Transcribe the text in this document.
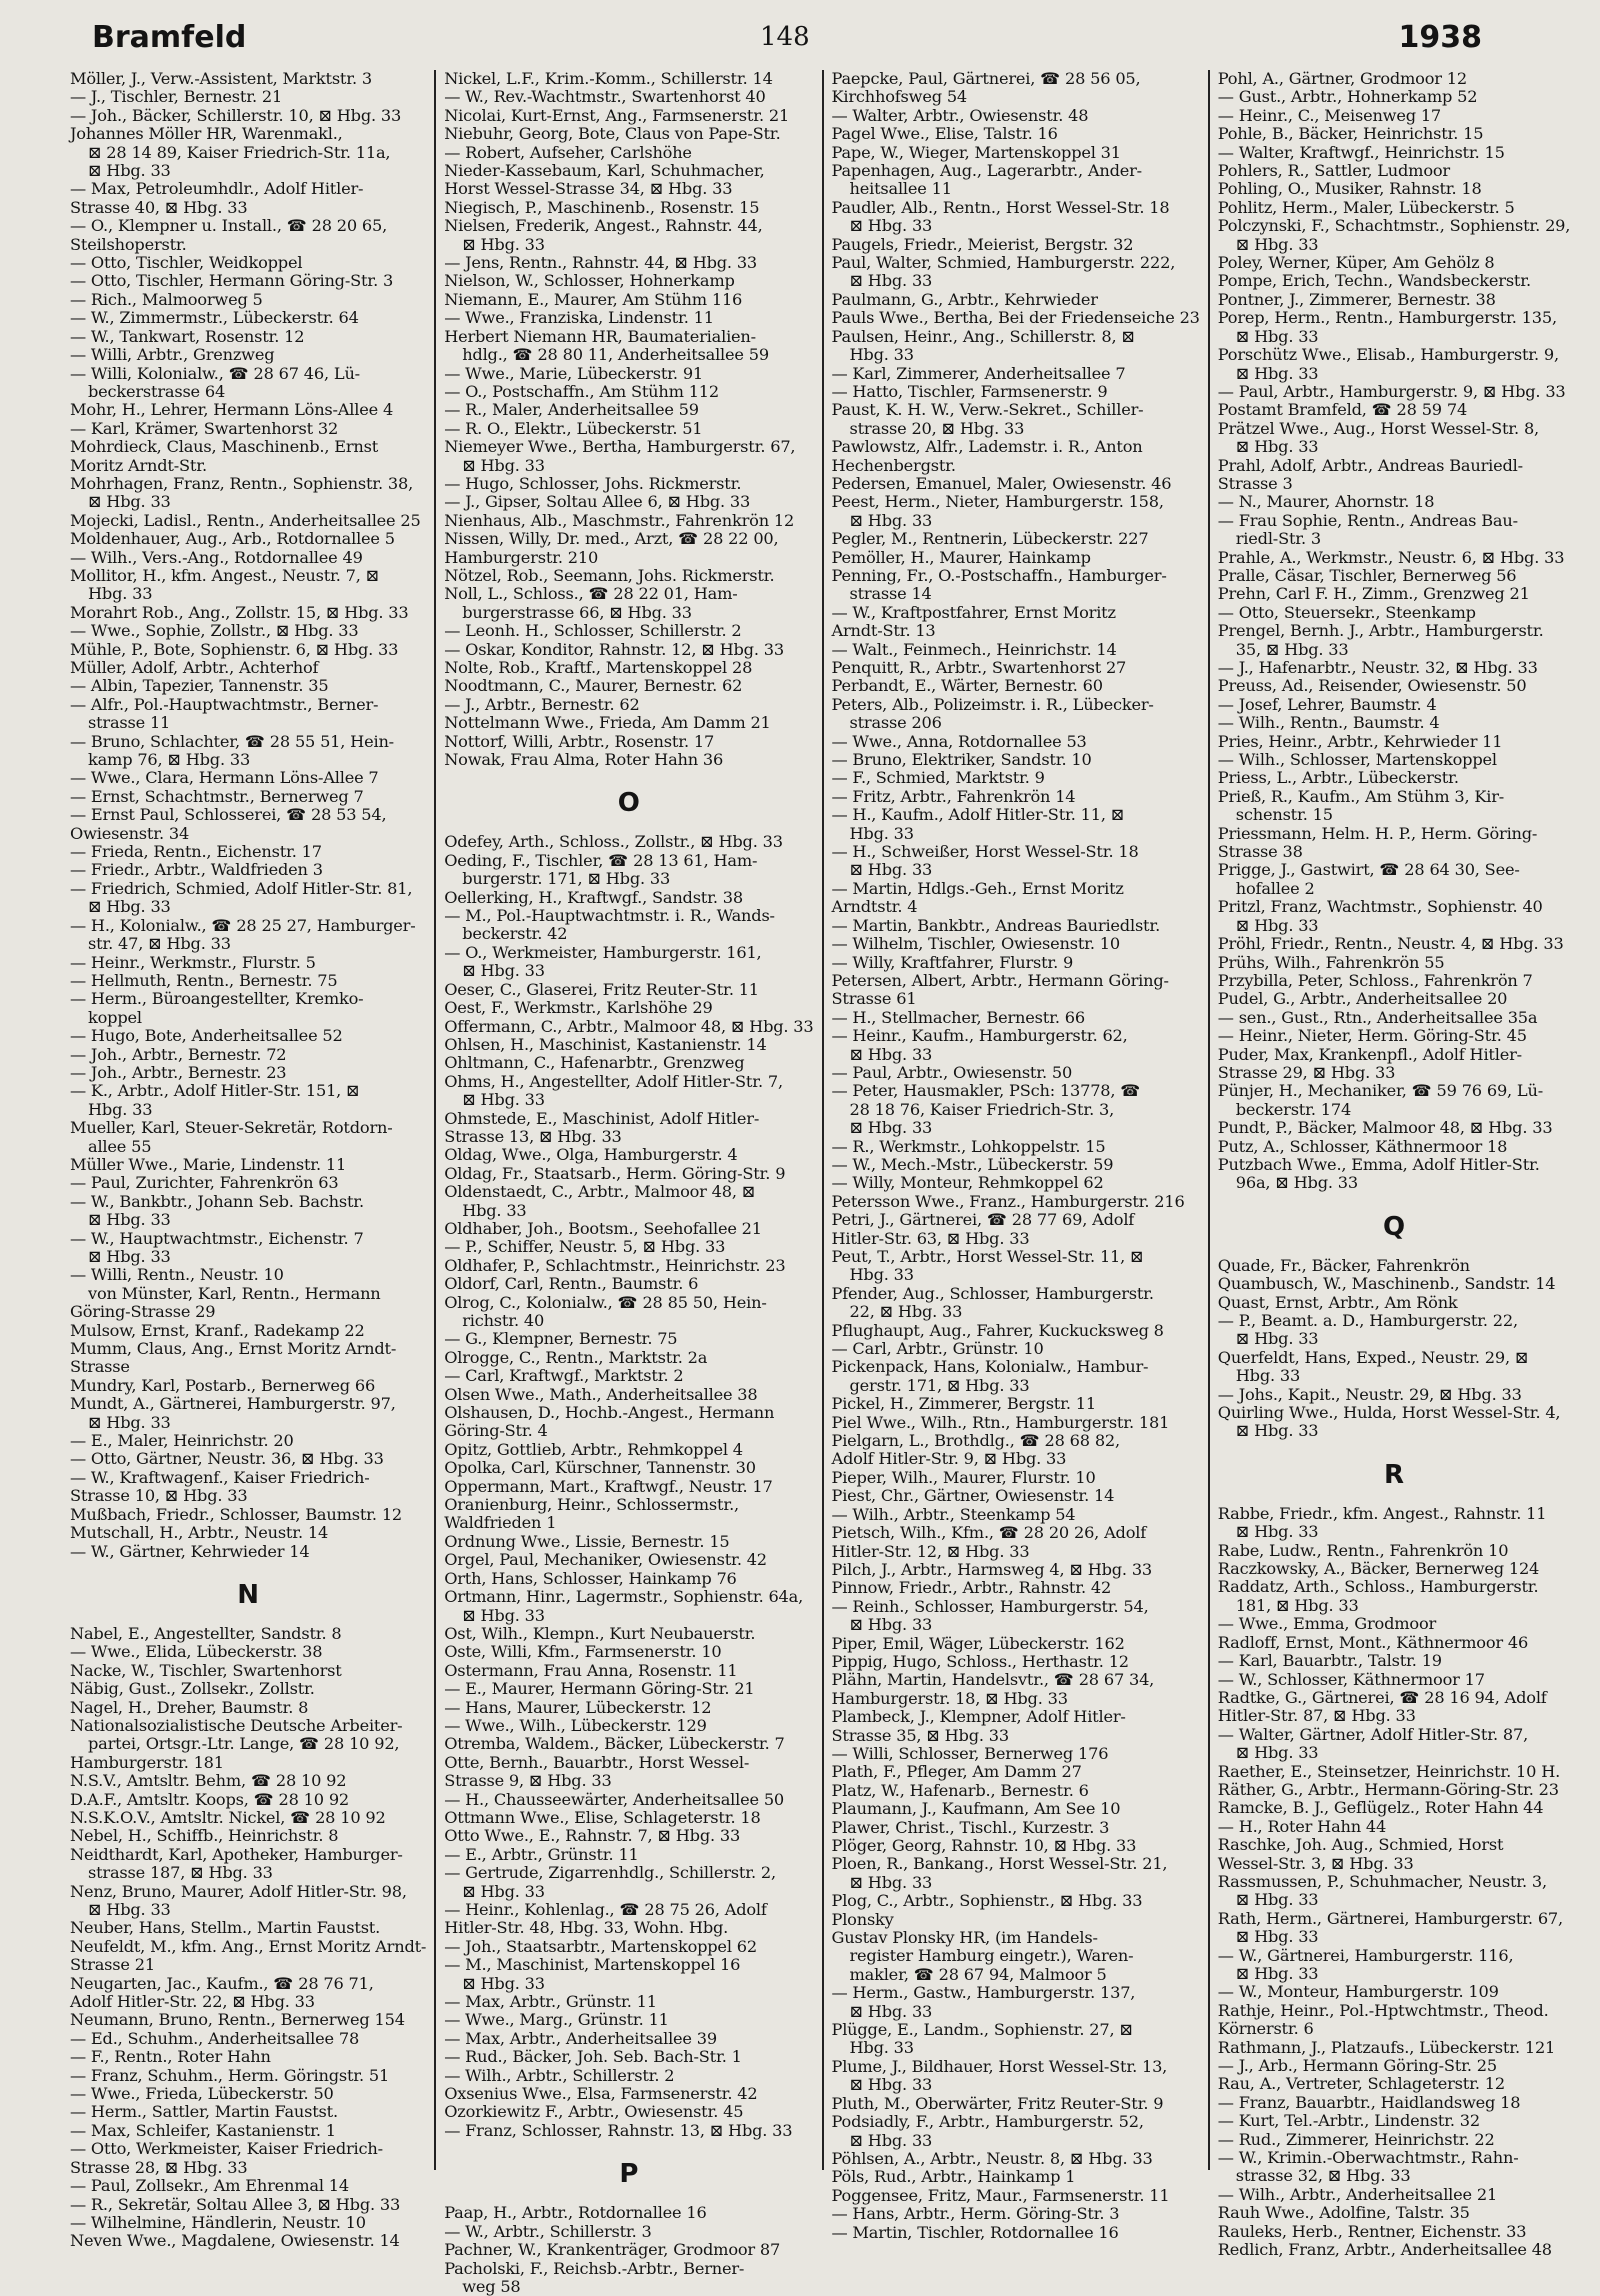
Bramfeld	148	1938
Möller, J., Verw.-Assistent, Marktstr. 3
— J., Tischler, Bernestr. 21
— Joh., Bäcker, Schillerstr. 10, ⊠ Hbg. 33
Johannes Möller HR, Warenmakl.,
⊠ 28 14 89, Kaiser Friedrich-Str. 11a,
⊠ Hbg. 33
— Max, Petroleumhdlr., Adolf Hitler-
Strasse 40, ⊠ Hbg. 33
— O., Klempner u. Install., ☎ 28 20 65,
Steilshoperstr.
— Otto, Tischler, Weidkoppel
— Otto, Tischler, Hermann Göring-Str. 3
— Rich., Malmoorweg 5
— W., Zimmermstr., Lübeckerstr. 64
— W., Tankwart, Rosenstr. 12
— Willi, Arbtr., Grenzweg
— Willi, Kolonialw., ☎ 28 67 46, Lü-
beckerstrasse 64
Mohr, H., Lehrer, Hermann Löns-Allee 4
— Karl, Krämer, Swartenhorst 32
Mohrdieck, Claus, Maschinenb., Ernst
Moritz Arndt-Str.
Mohrhagen, Franz, Rentn., Sophienstr. 38,
⊠ Hbg. 33
Mojecki, Ladisl., Rentn., Anderheitsallee 25
Moldenhauer, Aug., Arb., Rotdornallee 5
— Wilh., Vers.-Ang., Rotdornallee 49
Mollitor, H., kfm. Angest., Neustr. 7, ⊠
Hbg. 33
Morahrt Rob., Ang., Zollstr. 15, ⊠ Hbg. 33
— Wwe., Sophie, Zollstr., ⊠ Hbg. 33
Mühle, P., Bote, Sophienstr. 6, ⊠ Hbg. 33
Müller, Adolf, Arbtr., Achterhof
— Albin, Tapezier, Tannenstr. 35
— Alfr., Pol.-Hauptwachtmstr., Berner-
strasse 11
— Bruno, Schlachter, ☎ 28 55 51, Hein-
kamp 76, ⊠ Hbg. 33
— Wwe., Clara, Hermann Löns-Allee 7
— Ernst, Schachtmstr., Bernerweg 7
— Ernst Paul, Schlosserei, ☎ 28 53 54,
Owiesenstr. 34
— Frieda, Rentn., Eichenstr. 17
— Friedr., Arbtr., Waldfrieden 3
— Friedrich, Schmied, Adolf Hitler-Str. 81,
⊠ Hbg. 33
— H., Kolonialw., ☎ 28 25 27, Hamburger-
str. 47, ⊠ Hbg. 33
— Heinr., Werkmstr., Flurstr. 5
— Hellmuth, Rentn., Bernestr. 75
— Herm., Büroangestellter, Kremko-
koppel
— Hugo, Bote, Anderheitsallee 52
— Joh., Arbtr., Bernestr. 72
— Joh., Arbtr., Bernestr. 23
— K., Arbtr., Adolf Hitler-Str. 151, ⊠
Hbg. 33
Mueller, Karl, Steuer-Sekretär, Rotdorn-
allee 55
Müller Wwe., Marie, Lindenstr. 11
— Paul, Zurichter, Fahrenkrön 63
— W., Bankbtr., Johann Seb. Bachstr.
⊠ Hbg. 33
— W., Hauptwachtmstr., Eichenstr. 7
⊠ Hbg. 33
— Willi, Rentn., Neustr. 10
von Münster, Karl, Rentn., Hermann
Göring-Strasse 29
Mulsow, Ernst, Kranf., Radekamp 22
Mumm, Claus, Ang., Ernst Moritz Arndt-
Strasse
Mundry, Karl, Postarb., Bernerweg 66
Mundt, A., Gärtnerei, Hamburgerstr. 97,
⊠ Hbg. 33
— E., Maler, Heinrichstr. 20
— Otto, Gärtner, Neustr. 36, ⊠ Hbg. 33
— W., Kraftwagenf., Kaiser Friedrich-
Strasse 10, ⊠ Hbg. 33
Mußbach, Friedr., Schlosser, Baumstr. 12
Mutschall, H., Arbtr., Neustr. 14
— W., Gärtner, Kehrwieder 14
N
Nabel, E., Angestellter, Sandstr. 8
— Wwe., Elida, Lübeckerstr. 38
Nacke, W., Tischler, Swartenhorst
Näbig, Gust., Zollsekr., Zollstr.
Nagel, H., Dreher, Baumstr. 8
Nationalsozialistische Deutsche Arbeiter-
partei, Ortsgr.-Ltr. Lange, ☎ 28 10 92,
Hamburgerstr. 181
N.S.V., Amtsltr. Behm, ☎ 28 10 92
D.A.F., Amtsltr. Koops, ☎ 28 10 92
N.S.K.O.V., Amtsltr. Nickel, ☎ 28 10 92
Nebel, H., Schiffb., Heinrichstr. 8
Neidthardt, Karl, Apotheker, Hamburger-
strasse 187, ⊠ Hbg. 33
Nenz, Bruno, Maurer, Adolf Hitler-Str. 98,
⊠ Hbg. 33
Neuber, Hans, Stellm., Martin Faustst.
Neufeldt, M., kfm. Ang., Ernst Moritz Arndt-
Strasse 21
Neugarten, Jac., Kaufm., ☎ 28 76 71,
Adolf Hitler-Str. 22, ⊠ Hbg. 33
Neumann, Bruno, Rentn., Bernerweg 154
— Ed., Schuhm., Anderheitsallee 78
— F., Rentn., Roter Hahn
— Franz, Schuhm., Herm. Göringstr. 51
— Wwe., Frieda, Lübeckerstr. 50
— Herm., Sattler, Martin Faustst.
— Max, Schleifer, Kastanienstr. 1
— Otto, Werkmeister, Kaiser Friedrich-
Strasse 28, ⊠ Hbg. 33
— Paul, Zollsekr., Am Ehrenmal 14
— R., Sekretär, Soltau Allee 3, ⊠ Hbg. 33
— Wilhelmine, Händlerin, Neustr. 10
Neven Wwe., Magdalene, Owiesenstr. 14
Nickel, L.F., Krim.-Komm., Schillerstr. 14
— W., Rev.-Wachtmstr., Swartenhorst 40
Nicolai, Kurt-Ernst, Ang., Farmsenerstr. 21
Niebuhr, Georg, Bote, Claus von Pape-Str.
— Robert, Aufseher, Carlshöhe
Nieder-Kassebaum, Karl, Schuhmacher,
Horst Wessel-Strasse 34, ⊠ Hbg. 33
Niegisch, P., Maschinenb., Rosenstr. 15
Nielsen, Frederik, Angest., Rahnstr. 44,
⊠ Hbg. 33
— Jens, Rentn., Rahnstr. 44, ⊠ Hbg. 33
Nielson, W., Schlosser, Hohnerkamp
Niemann, E., Maurer, Am Stühm 116
— Wwe., Franziska, Lindenstr. 11
Herbert Niemann HR, Baumaterialien-
hdlg., ☎ 28 80 11, Anderheitsallee 59
— Wwe., Marie, Lübeckerstr. 91
— O., Postschaffn., Am Stühm 112
— R., Maler, Anderheitsallee 59
— R. O., Elektr., Lübeckerstr. 51
Niemeyer Wwe., Bertha, Hamburgerstr. 67,
⊠ Hbg. 33
— Hugo, Schlosser, Johs. Rickmerstr.
— J., Gipser, Soltau Allee 6, ⊠ Hbg. 33
Nienhaus, Alb., Maschmstr., Fahrenkrön 12
Nissen, Willy, Dr. med., Arzt, ☎ 28 22 00,
Hamburgerstr. 210
Nötzel, Rob., Seemann, Johs. Rickmerstr.
Noll, L., Schloss., ☎ 28 22 01, Ham-
burgerstrasse 66, ⊠ Hbg. 33
— Leonh. H., Schlosser, Schillerstr. 2
— Oskar, Konditor, Rahnstr. 12, ⊠ Hbg. 33
Nolte, Rob., Kraftf., Martenskoppel 28
Noodtmann, C., Maurer, Bernestr. 62
— J., Arbtr., Bernestr. 62
Nottelmann Wwe., Frieda, Am Damm 21
Nottorf, Willi, Arbtr., Rosenstr. 17
Nowak, Frau Alma, Roter Hahn 36
O
Odefey, Arth., Schloss., Zollstr., ⊠ Hbg. 33
Oeding, F., Tischler, ☎ 28 13 61, Ham-
burgerstr. 171, ⊠ Hbg. 33
Oellerking, H., Kraftwgf., Sandstr. 38
— M., Pol.-Hauptwachtmstr. i. R., Wands-
beckerstr. 42
— O., Werkmeister, Hamburgerstr. 161,
⊠ Hbg. 33
Oeser, C., Glaserei, Fritz Reuter-Str. 11
Oest, F., Werkmstr., Karlshöhe 29
Offermann, C., Arbtr., Malmoor 48, ⊠ Hbg. 33
Ohlsen, H., Maschinist, Kastanienstr. 14
Ohltmann, C., Hafenarbtr., Grenzweg
Ohms, H., Angestellter, Adolf Hitler-Str. 7,
⊠ Hbg. 33
Ohmstede, E., Maschinist, Adolf Hitler-
Strasse 13, ⊠ Hbg. 33
Oldag, Wwe., Olga, Hamburgerstr. 4
Oldag, Fr., Staatsarb., Herm. Göring-Str. 9
Oldenstaedt, C., Arbtr., Malmoor 48, ⊠
Hbg. 33
Oldhaber, Joh., Bootsm., Seehofallee 21
— P., Schiffer, Neustr. 5, ⊠ Hbg. 33
Oldhafer, P., Schlachtmstr., Heinrichstr. 23
Oldorf, Carl, Rentn., Baumstr. 6
Olrog, C., Kolonialw., ☎ 28 85 50, Hein-
richstr. 40
— G., Klempner, Bernestr. 75
Olrogge, C., Rentn., Marktstr. 2a
— Carl, Kraftwgf., Marktstr. 2
Olsen Wwe., Math., Anderheitsallee 38
Olshausen, D., Hochb.-Angest., Hermann
Göring-Str. 4
Opitz, Gottlieb, Arbtr., Rehmkoppel 4
Opolka, Carl, Kürschner, Tannenstr. 30
Oppermann, Mart., Kraftwgf., Neustr. 17
Oranienburg, Heinr., Schlossermstr.,
Waldfrieden 1
Ordnung Wwe., Lissie, Bernestr. 15
Orgel, Paul, Mechaniker, Owiesenstr. 42
Orth, Hans, Schlosser, Hainkamp 76
Ortmann, Hinr., Lagermstr., Sophienstr. 64a,
⊠ Hbg. 33
Ost, Wilh., Klempn., Kurt Neubauerstr.
Oste, Willi, Kfm., Farmsenerstr. 10
Ostermann, Frau Anna, Rosenstr. 11
— E., Maurer, Hermann Göring-Str. 21
— Hans, Maurer, Lübeckerstr. 12
— Wwe., Wilh., Lübeckerstr. 129
Otremba, Waldem., Bäcker, Lübeckerstr. 7
Otte, Bernh., Bauarbtr., Horst Wessel-
Strasse 9, ⊠ Hbg. 33
— H., Chausseewärter, Anderheitsallee 50
Ottmann Wwe., Elise, Schlageterstr. 18
Otto Wwe., E., Rahnstr. 7, ⊠ Hbg. 33
— E., Arbtr., Grünstr. 11
— Gertrude, Zigarrenhdlg., Schillerstr. 2,
⊠ Hbg. 33
— Heinr., Kohlenlag., ☎ 28 75 26, Adolf
Hitler-Str. 48, Hbg. 33, Wohn. Hbg.
— Joh., Staatsarbtr., Martenskoppel 62
— M., Maschinist, Martenskoppel 16
⊠ Hbg. 33
— Max, Arbtr., Grünstr. 11
— Wwe., Marg., Grünstr. 11
— Max, Arbtr., Anderheitsallee 39
— Rud., Bäcker, Joh. Seb. Bach-Str. 1
— Wilh., Arbtr., Schillerstr. 2
Oxsenius Wwe., Elsa, Farmsenerstr. 42
Ozorkiewitz F., Arbtr., Owiesenstr. 45
— Franz, Schlosser, Rahnstr. 13, ⊠ Hbg. 33
P
Paap, H., Arbtr., Rotdornallee 16
— W., Arbtr., Schillerstr. 3
Pachner, W., Krankenträger, Grodmoor 87
Pacholski, F., Reichsb.-Arbtr., Berner-
weg 58
Paepcke, Paul, Gärtnerei, ☎ 28 56 05,
Kirchhofsweg 54
— Walter, Arbtr., Owiesenstr. 48
Pagel Wwe., Elise, Talstr. 16
Pape, W., Wieger, Martenskoppel 31
Papenhagen, Aug., Lagerarbtr., Ander-
heitsallee 11
Paudler, Alb., Rentn., Horst Wessel-Str. 18
⊠ Hbg. 33
Paugels, Friedr., Meierist, Bergstr. 32
Paul, Walter, Schmied, Hamburgerstr. 222,
⊠ Hbg. 33
Paulmann, G., Arbtr., Kehrwieder
Pauls Wwe., Bertha, Bei der Friedenseiche 23
Paulsen, Heinr., Ang., Schillerstr. 8, ⊠
Hbg. 33
— Karl, Zimmerer, Anderheitsallee 7
— Hatto, Tischler, Farmsenerstr. 9
Paust, K. H. W., Verw.-Sekret., Schiller-
strasse 20, ⊠ Hbg. 33
Pawlowstz, Alfr., Lademstr. i. R., Anton
Hechenbergstr.
Pedersen, Emanuel, Maler, Owiesenstr. 46
Peest, Herm., Nieter, Hamburgerstr. 158,
⊠ Hbg. 33
Pegler, M., Rentnerin, Lübeckerstr. 227
Pemöller, H., Maurer, Hainkamp
Penning, Fr., O.-Postschaffn., Hamburger-
strasse 14
— W., Kraftpostfahrer, Ernst Moritz
Arndt-Str. 13
— Walt., Feinmech., Heinrichstr. 14
Penquitt, R., Arbtr., Swartenhorst 27
Perbandt, E., Wärter, Bernestr. 60
Peters, Alb., Polizeimstr. i. R., Lübecker-
strasse 206
— Wwe., Anna, Rotdornallee 53
— Bruno, Elektriker, Sandstr. 10
— F., Schmied, Marktstr. 9
— Fritz, Arbtr., Fahrenkrön 14
— H., Kaufm., Adolf Hitler-Str. 11, ⊠
Hbg. 33
— H., Schweißer, Horst Wessel-Str. 18
⊠ Hbg. 33
— Martin, Hdlgs.-Geh., Ernst Moritz
Arndtstr. 4
— Martin, Bankbtr., Andreas Bauriedlstr.
— Wilhelm, Tischler, Owiesenstr. 10
— Willy, Kraftfahrer, Flurstr. 9
Petersen, Albert, Arbtr., Hermann Göring-
Strasse 61
— H., Stellmacher, Bernestr. 66
— Heinr., Kaufm., Hamburgerstr. 62,
⊠ Hbg. 33
— Paul, Arbtr., Owiesenstr. 50
— Peter, Hausmakler, PSch: 13778, ☎
28 18 76, Kaiser Friedrich-Str. 3,
⊠ Hbg. 33
— R., Werkmstr., Lohkoppelstr. 15
— W., Mech.-Mstr., Lübeckerstr. 59
— Willy, Monteur, Rehmkoppel 62
Petersson Wwe., Franz., Hamburgerstr. 216
Petri, J., Gärtnerei, ☎ 28 77 69, Adolf
Hitler-Str. 63, ⊠ Hbg. 33
Peut, T., Arbtr., Horst Wessel-Str. 11, ⊠
Hbg. 33
Pfender, Aug., Schlosser, Hamburgerstr.
22, ⊠ Hbg. 33
Pflughaupt, Aug., Fahrer, Kuckucksweg 8
— Carl, Arbtr., Grünstr. 10
Pickenpack, Hans, Kolonialw., Hambur-
gerstr. 171, ⊠ Hbg. 33
Pickel, H., Zimmerer, Bergstr. 11
Piel Wwe., Wilh., Rtn., Hamburgerstr. 181
Pielgarn, L., Brothdlg., ☎ 28 68 82,
Adolf Hitler-Str. 9, ⊠ Hbg. 33
Pieper, Wilh., Maurer, Flurstr. 10
Piest, Chr., Gärtner, Owiesenstr. 14
— Wilh., Arbtr., Steenkamp 54
Pietsch, Wilh., Kfm., ☎ 28 20 26, Adolf
Hitler-Str. 12, ⊠ Hbg. 33
Pilch, J., Arbtr., Harmsweg 4, ⊠ Hbg. 33
Pinnow, Friedr., Arbtr., Rahnstr. 42
— Reinh., Schlosser, Hamburgerstr. 54,
⊠ Hbg. 33
Piper, Emil, Wäger, Lübeckerstr. 162
Pippig, Hugo, Schloss., Herthastr. 12
Plähn, Martin, Handelsvtr., ☎ 28 67 34,
Hamburgerstr. 18, ⊠ Hbg. 33
Plambeck, J., Klempner, Adolf Hitler-
Strasse 35, ⊠ Hbg. 33
— Willi, Schlosser, Bernerweg 176
Plath, F., Pfleger, Am Damm 27
Platz, W., Hafenarb., Bernestr. 6
Plaumann, J., Kaufmann, Am See 10
Plawer, Christ., Tischl., Kurzestr. 3
Plöger, Georg, Rahnstr. 10, ⊠ Hbg. 33
Ploen, R., Bankang., Horst Wessel-Str. 21,
⊠ Hbg. 33
Plog, C., Arbtr., Sophienstr., ⊠ Hbg. 33
Plonsky
Gustav Plonsky HR, (im Handels-
register Hamburg eingetr.), Waren-
makler, ☎ 28 67 94, Malmoor 5
— Herm., Gastw., Hamburgerstr. 137,
⊠ Hbg. 33
Plügge, E., Landm., Sophienstr. 27, ⊠
Hbg. 33
Plume, J., Bildhauer, Horst Wessel-Str. 13,
⊠ Hbg. 33
Pluth, M., Oberwärter, Fritz Reuter-Str. 9
Podsiadly, F., Arbtr., Hamburgerstr. 52,
⊠ Hbg. 33
Pöhlsen, A., Arbtr., Neustr. 8, ⊠ Hbg. 33
Pöls, Rud., Arbtr., Hainkamp 1
Poggensee, Fritz, Maur., Farmsenerstr. 11
— Hans, Arbtr., Herm. Göring-Str. 3
— Martin, Tischler, Rotdornallee 16
Pohl, A., Gärtner, Grodmoor 12
— Gust., Arbtr., Hohnerkamp 52
— Heinr., C., Meisenweg 17
Pohle, B., Bäcker, Heinrichstr. 15
— Walter, Kraftwgf., Heinrichstr. 15
Pohlers, R., Sattler, Ludmoor
Pohling, O., Musiker, Rahnstr. 18
Pohlitz, Herm., Maler, Lübeckerstr. 5
Polczynski, F., Schachtmstr., Sophienstr. 29,
⊠ Hbg. 33
Poley, Werner, Küper, Am Gehölz 8
Pompe, Erich, Techn., Wandsbeckerstr.
Pontner, J., Zimmerer, Bernestr. 38
Porep, Herm., Rentn., Hamburgerstr. 135,
⊠ Hbg. 33
Porschütz Wwe., Elisab., Hamburgerstr. 9,
⊠ Hbg. 33
— Paul, Arbtr., Hamburgerstr. 9, ⊠ Hbg. 33
Postamt Bramfeld, ☎ 28 59 74
Prätzel Wwe., Aug., Horst Wessel-Str. 8,
⊠ Hbg. 33
Prahl, Adolf, Arbtr., Andreas Bauriedl-
Strasse 3
— N., Maurer, Ahornstr. 18
— Frau Sophie, Rentn., Andreas Bau-
riedl-Str. 3
Prahle, A., Werkmstr., Neustr. 6, ⊠ Hbg. 33
Pralle, Cäsar, Tischler, Bernerweg 56
Prehn, Carl F. H., Zimm., Grenzweg 21
— Otto, Steuersekr., Steenkamp
Prengel, Bernh. J., Arbtr., Hamburgerstr.
35, ⊠ Hbg. 33
— J., Hafenarbtr., Neustr. 32, ⊠ Hbg. 33
Preuss, Ad., Reisender, Owiesenstr. 50
— Josef, Lehrer, Baumstr. 4
— Wilh., Rentn., Baumstr. 4
Pries, Heinr., Arbtr., Kehrwieder 11
— Wilh., Schlosser, Martenskoppel
Priess, L., Arbtr., Lübeckerstr.
Prieß, R., Kaufm., Am Stühm 3, Kir-
schenstr. 15
Priessmann, Helm. H. P., Herm. Göring-
Strasse 38
Prigge, J., Gastwirt, ☎ 28 64 30, See-
hofallee 2
Pritzl, Franz, Wachtmstr., Sophienstr. 40
⊠ Hbg. 33
Pröhl, Friedr., Rentn., Neustr. 4, ⊠ Hbg. 33
Prühs, Wilh., Fahrenkrön 55
Przybilla, Peter, Schloss., Fahrenkrön 7
Pudel, G., Arbtr., Anderheitsallee 20
— sen., Gust., Rtn., Anderheitsallee 35a
— Heinr., Nieter, Herm. Göring-Str. 45
Puder, Max, Krankenpfl., Adolf Hitler-
Strasse 29, ⊠ Hbg. 33
Pünjer, H., Mechaniker, ☎ 59 76 69, Lü-
beckerstr. 174
Pundt, P., Bäcker, Malmoor 48, ⊠ Hbg. 33
Putz, A., Schlosser, Käthnermoor 18
Putzbach Wwe., Emma, Adolf Hitler-Str.
96a, ⊠ Hbg. 33
Q
Quade, Fr., Bäcker, Fahrenkrön
Quambusch, W., Maschinenb., Sandstr. 14
Quast, Ernst, Arbtr., Am Rönk
— P., Beamt. a. D., Hamburgerstr. 22,
⊠ Hbg. 33
Querfeldt, Hans, Exped., Neustr. 29, ⊠
Hbg. 33
— Johs., Kapit., Neustr. 29, ⊠ Hbg. 33
Quirling Wwe., Hulda, Horst Wessel-Str. 4,
⊠ Hbg. 33
R
Rabbe, Friedr., kfm. Angest., Rahnstr. 11
⊠ Hbg. 33
Rabe, Ludw., Rentn., Fahrenkrön 10
Raczkowsky, A., Bäcker, Bernerweg 124
Raddatz, Arth., Schloss., Hamburgerstr.
181, ⊠ Hbg. 33
— Wwe., Emma, Grodmoor
Radloff, Ernst, Mont., Käthnermoor 46
— Karl, Bauarbtr., Talstr. 19
— W., Schlosser, Käthnermoor 17
Radtke, G., Gärtnerei, ☎ 28 16 94, Adolf
Hitler-Str. 87, ⊠ Hbg. 33
— Walter, Gärtner, Adolf Hitler-Str. 87,
⊠ Hbg. 33
Raether, E., Steinsetzer, Heinrichstr. 10 H.
Räther, G., Arbtr., Hermann-Göring-Str. 23
Ramcke, B. J., Geflügelz., Roter Hahn 44
— H., Roter Hahn 44
Raschke, Joh. Aug., Schmied, Horst
Wessel-Str. 3, ⊠ Hbg. 33
Rassmussen, P., Schuhmacher, Neustr. 3,
⊠ Hbg. 33
Rath, Herm., Gärtnerei, Hamburgerstr. 67,
⊠ Hbg. 33
— W., Gärtnerei, Hamburgerstr. 116,
⊠ Hbg. 33
— W., Monteur, Hamburgerstr. 109
Rathje, Heinr., Pol.-Hptwchtmstr., Theod.
Körnerstr. 6
Rathmann, J., Platzaufs., Lübeckerstr. 121
— J., Arb., Hermann Göring-Str. 25
Rau, A., Vertreter, Schlageterstr. 12
— Franz, Bauarbtr., Haidlandsweg 18
— Kurt, Tel.-Arbtr., Lindenstr. 32
— Rud., Zimmerer, Heinrichstr. 22
— W., Krimin.-Oberwachtmstr., Rahn-
strasse 32, ⊠ Hbg. 33
— Wilh., Arbtr., Anderheitsallee 21
Rauh Wwe., Adolfine, Talstr. 35
Rauleks, Herb., Rentner, Eichenstr. 33
Redlich, Franz, Arbtr., Anderheitsallee 48
